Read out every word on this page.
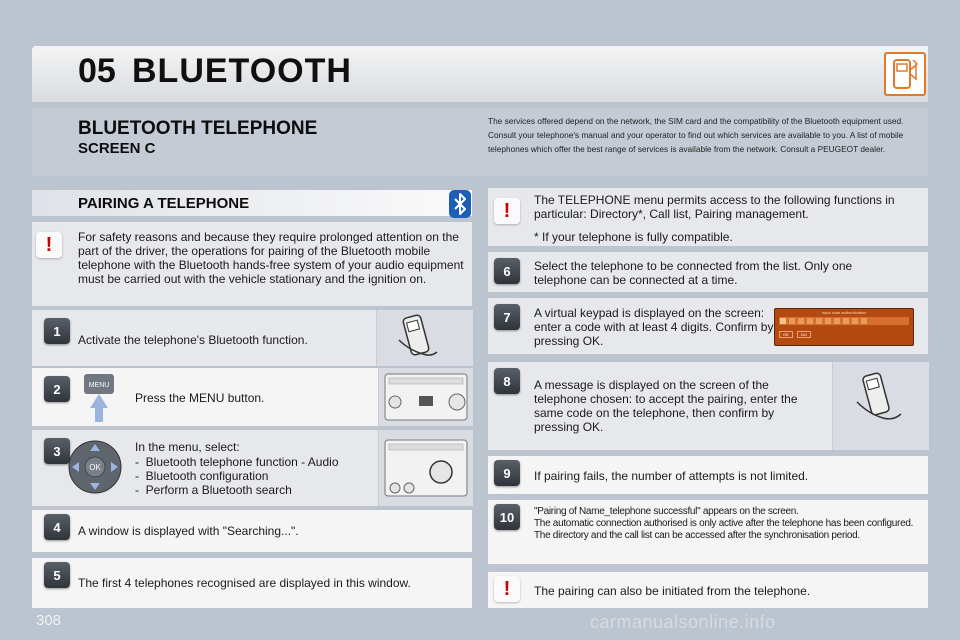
05 BLUETOOTH
BLUETOOTH TELEPHONE
SCREEN C
The services offered depend on the network, the SIM card and the compatibility of the Bluetooth equipment used. Consult your telephone's manual and your operator to find out which services are available to you. A list of mobile telephones which offer the best range of services is available from the network. Consult a PEUGEOT dealer.
PAIRING A TELEPHONE
!	For safety reasons and because they require prolonged attention on the part of the driver, the operations for pairing of the Bluetooth mobile telephone with the Bluetooth hands-free system of your audio equipment must be carried out with the vehicle stationary and the ignition on.
1
Activate the telephone's Bluetooth function.
2	MENU
Press the MENU button.
3
OK
In the menu, select:
-  Bluetooth telephone function - Audio
-  Bluetooth configuration
-  Perform a Bluetooth search
4	A window is displayed with "Searching...".
5
The first 4 telephones recognised are displayed in this window.
!	The TELEPHONE menu permits access to the following functions in particular: Directory*, Call list, Pairing management.
* If your telephone is fully compatible.
6	Select the telephone to be connected from the list. Only one telephone can be connected at a time.
7	A virtual keypad is displayed on the screen: enter a code with at least 4 digits. Confirm by pressing OK.
Input code authentication
OK	Del
8	A message is displayed on the screen of the telephone chosen: to accept the pairing, enter the same code on the telephone, then confirm by pressing OK.
9	If pairing fails, the number of attempts is not limited.
10	"Pairing of Name_telephone successful" appears on the screen.
The automatic connection authorised is only active after the telephone has been configured.
The directory and the call list can be accessed after the synchronisation period.
!	The pairing can also be initiated from the telephone.
308	carmanualsonline.info
